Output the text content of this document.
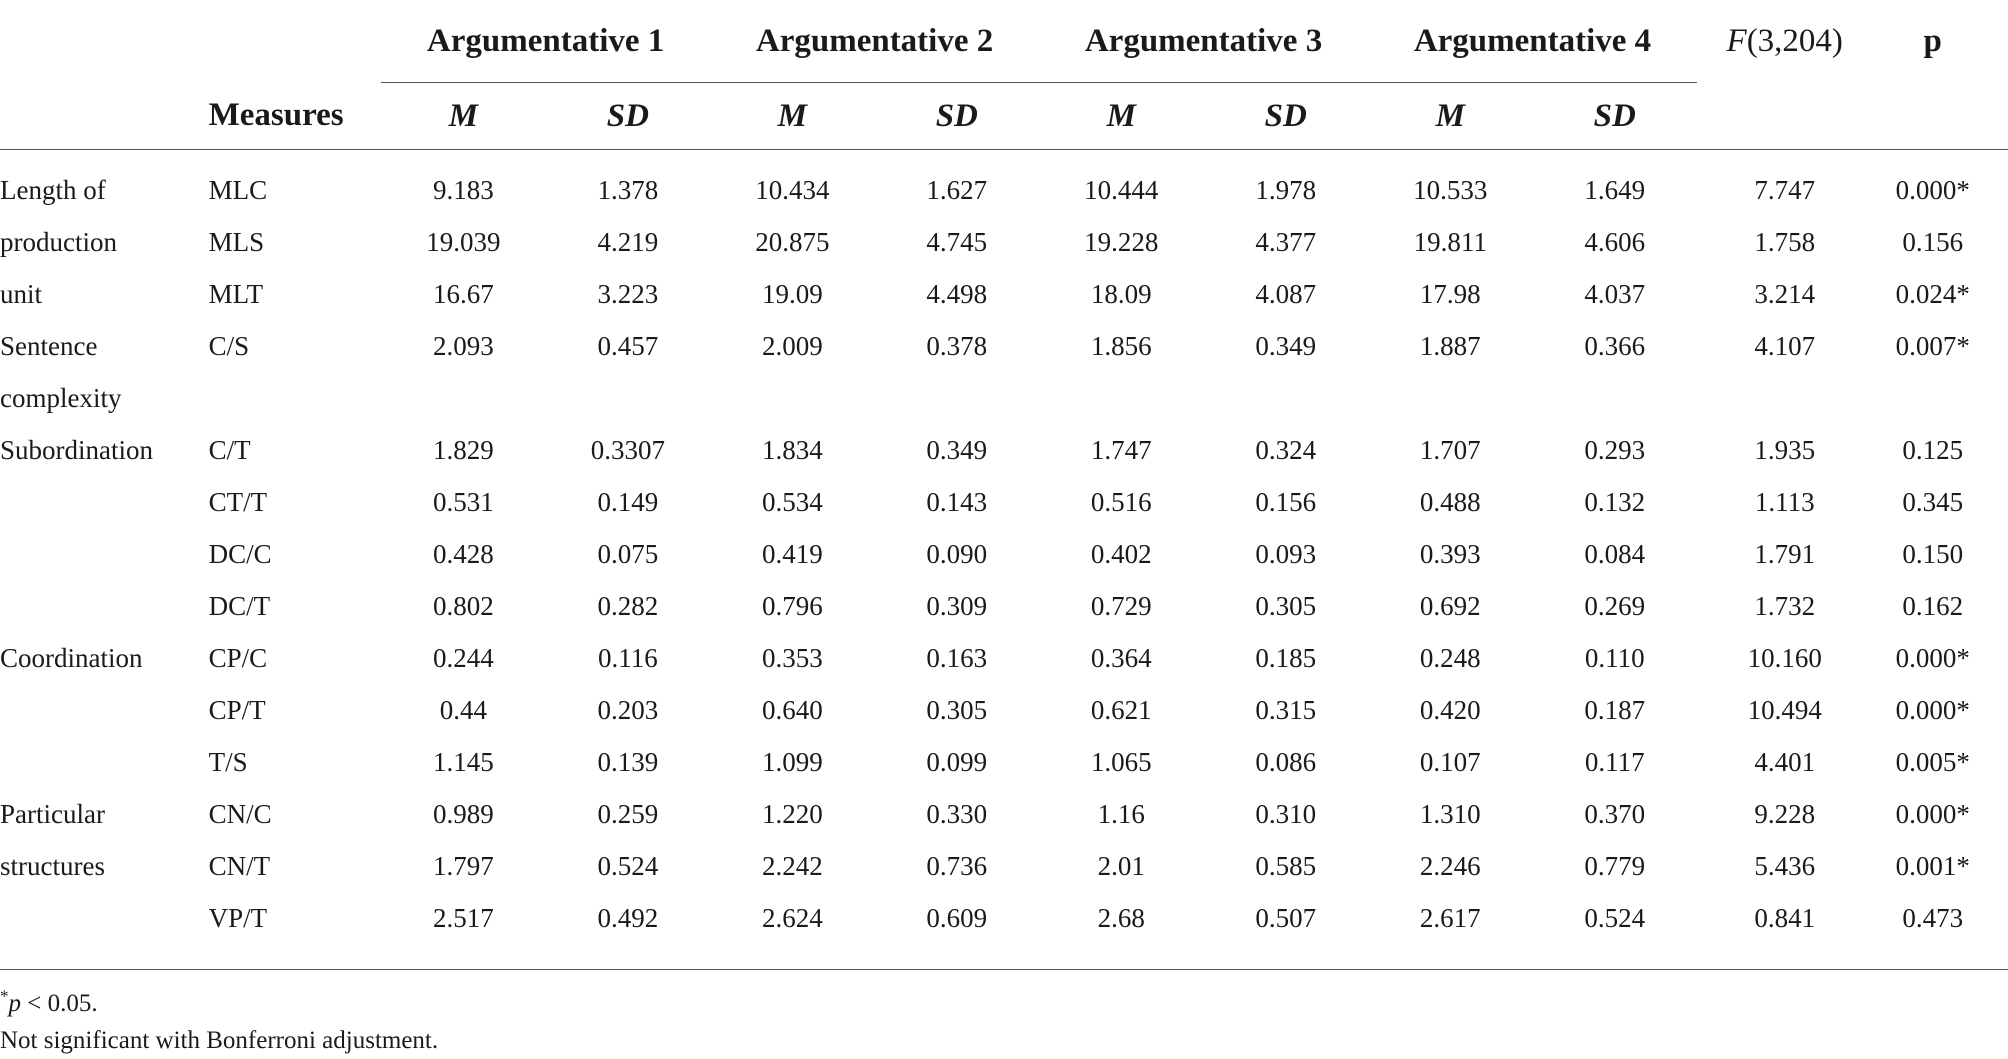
		Argumentative 1		Argumentative 2		Argumentative 3		Argumentative 4			F(3,204)	p
	Measures	M	SD	M	SD	M	SD	M	SD			

Length of	MLC	9.183	1.378	10.434	1.627	10.444	1.978	10.533	1.649		7.747	0.000*
production	MLS	19.039	4.219	20.875	4.745	19.228	4.377	19.811	4.606		1.758	0.156
unit	MLT	16.67	3.223	19.09	4.498	18.09	4.087	17.98	4.037		3.214	0.024*
Sentence	C/S	2.093	0.457	2.009	0.378	1.856	0.349	1.887	0.366		4.107	0.007*
complexity												
Subordination	C/T	1.829	0.3307	1.834	0.349	1.747	0.324	1.707	0.293		1.935	0.125
	CT/T	0.531	0.149	0.534	0.143	0.516	0.156	0.488	0.132		1.113	0.345
	DC/C	0.428	0.075	0.419	0.090	0.402	0.093	0.393	0.084		1.791	0.150
	DC/T	0.802	0.282	0.796	0.309	0.729	0.305	0.692	0.269		1.732	0.162
Coordination	CP/C	0.244	0.116	0.353	0.163	0.364	0.185	0.248	0.110		10.160	0.000*
	CP/T	0.44	0.203	0.640	0.305	0.621	0.315	0.420	0.187		10.494	0.000*
	T/S	1.145	0.139	1.099	0.099	1.065	0.086	0.107	0.117		4.401	0.005*
Particular	CN/C	0.989	0.259	1.220	0.330	1.16	0.310	1.310	0.370		9.228	0.000*
structures	CN/T	1.797	0.524	2.242	0.736	2.01	0.585	2.246	0.779		5.436	0.001*
	VP/T	2.517	0.492	2.624	0.609	2.68	0.507	2.617	0.524		0.841	0.473
*p < 0.05.
Not significant with Bonferroni adjustment.
